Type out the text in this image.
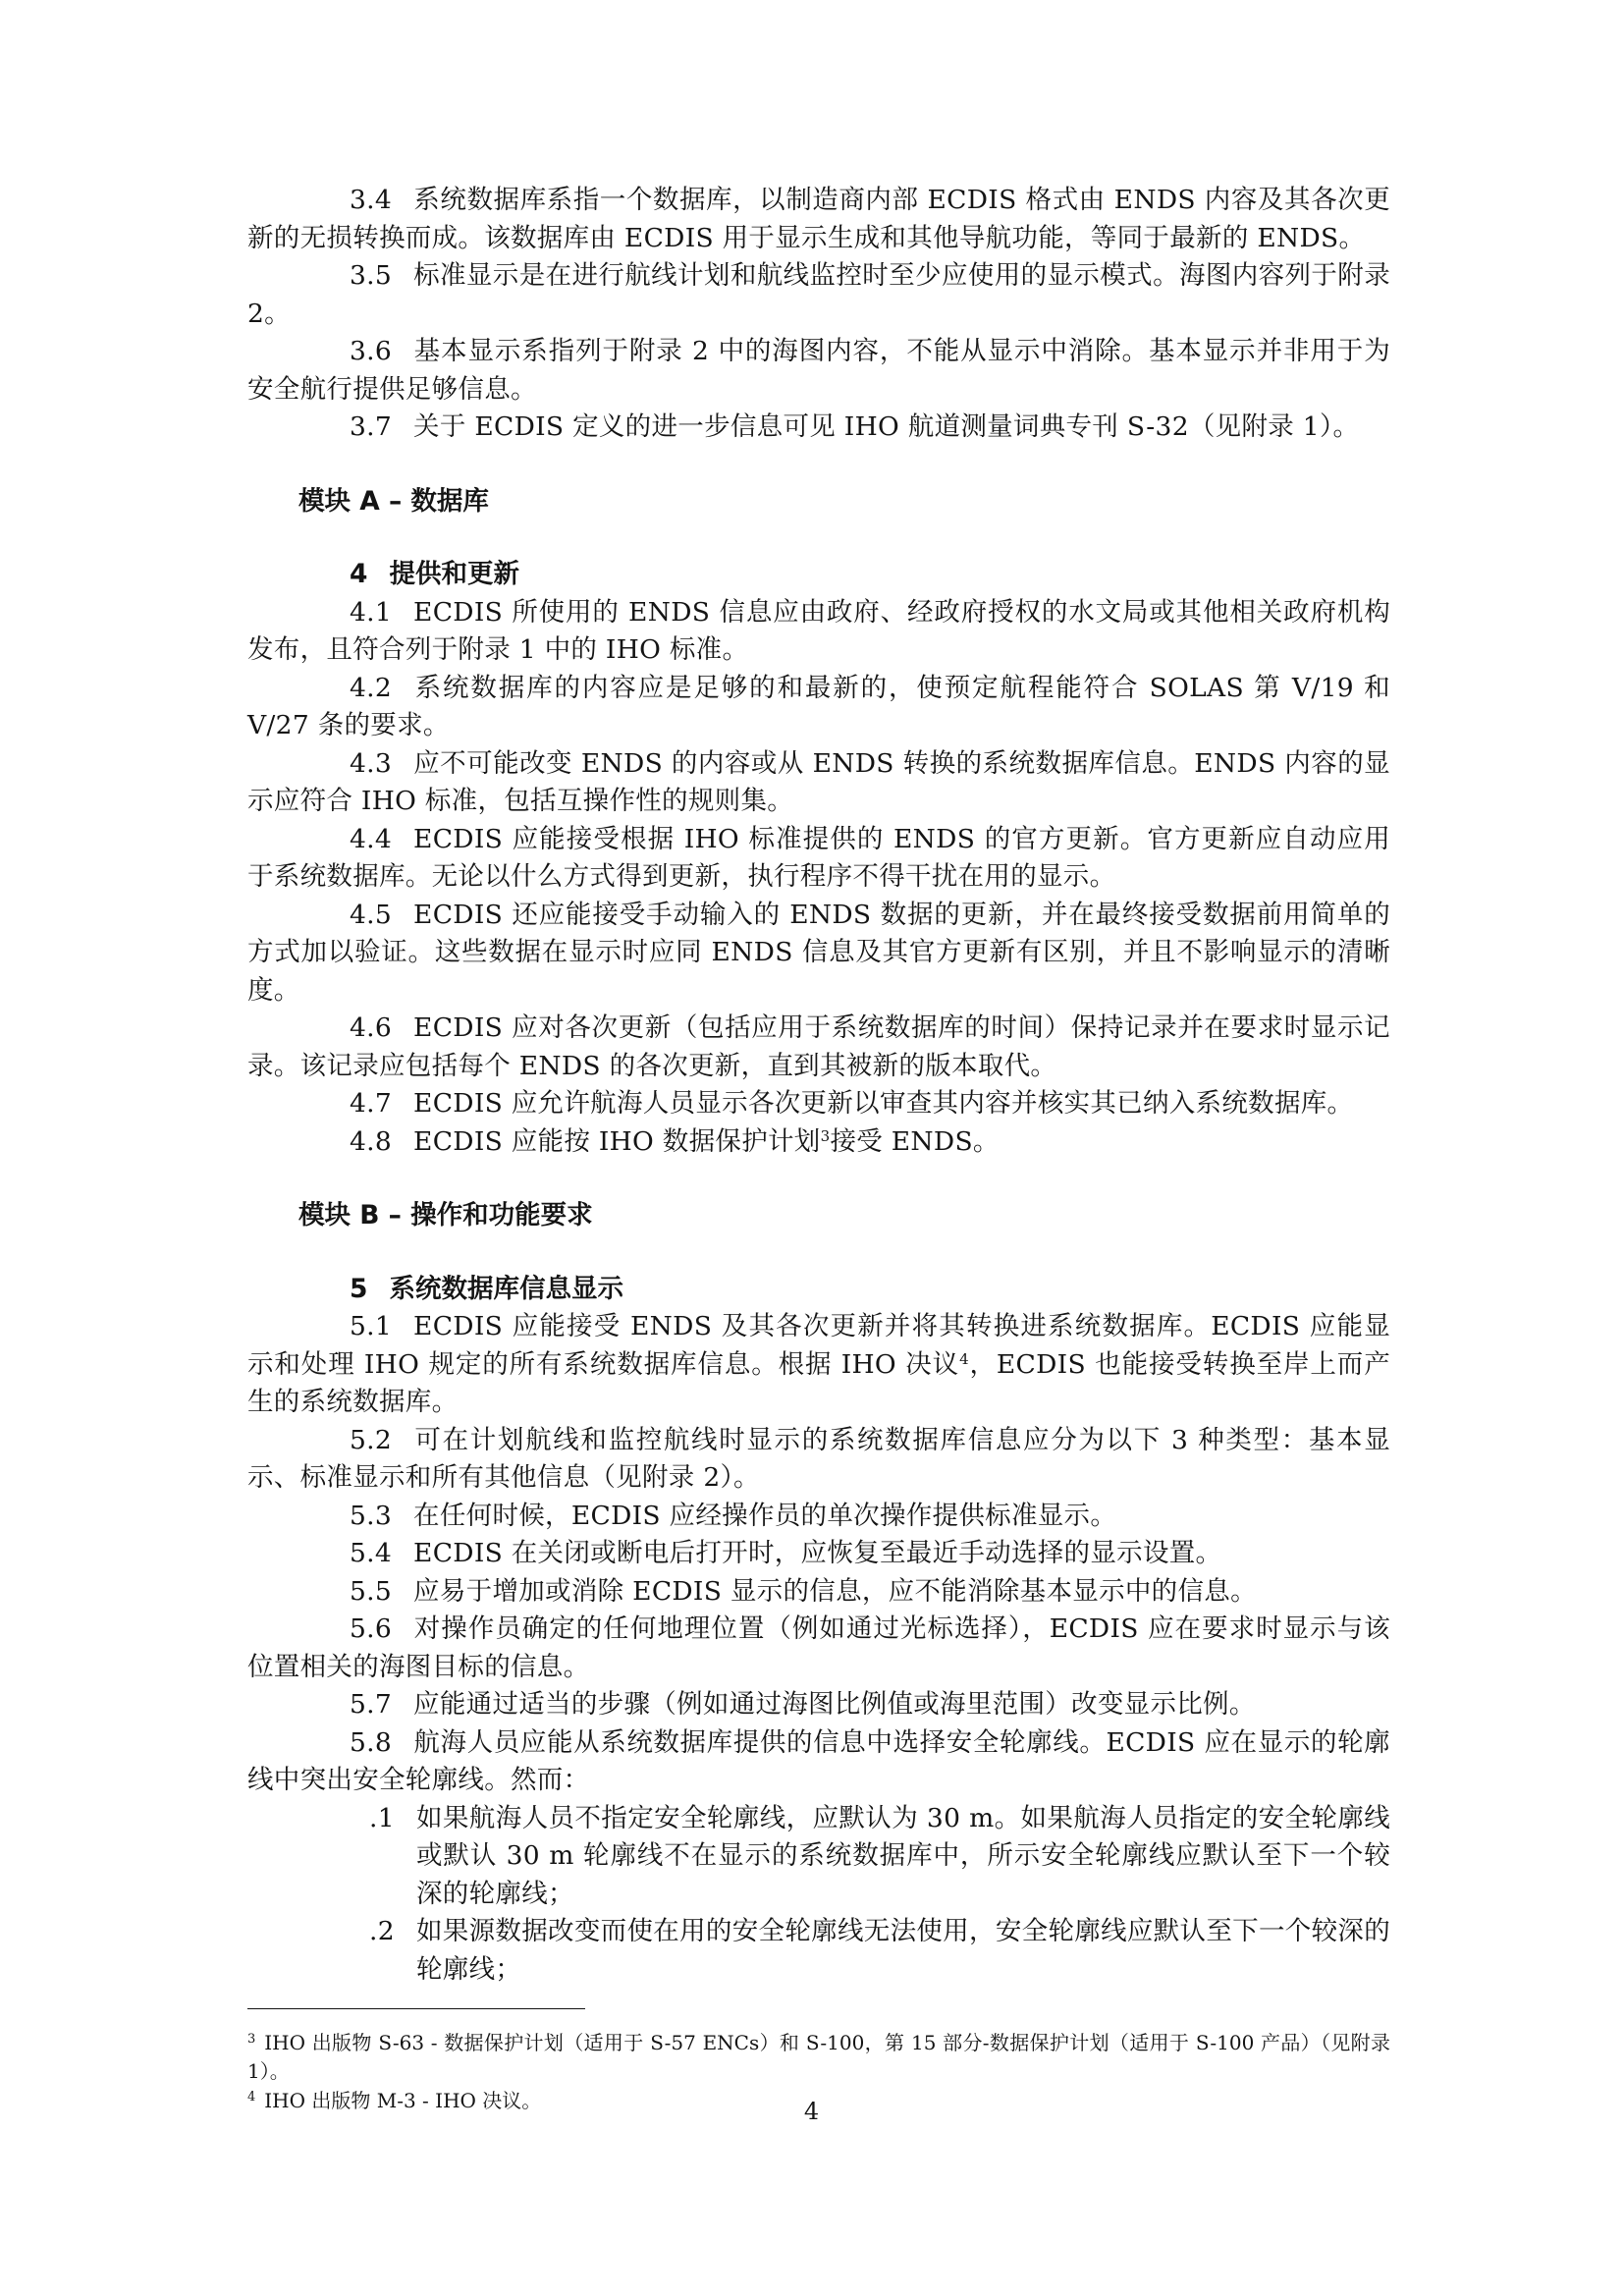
3.4 系统数据库系指一个数据库，以制造商内部 ECDIS 格式由 ENDS 内容及其各次更新的无损转换而成。该数据库由 ECDIS 用于显示生成和其他导航功能，等同于最新的 ENDS。

3.5 标准显示是在进行航线计划和航线监控时至少应使用的显示模式。海图内容列于附录 2。

3.6 基本显示系指列于附录 2 中的海图内容，不能从显示中消除。基本显示并非用于为安全航行提供足够信息。

3.7 关于 ECDIS 定义的进一步信息可见 IHO 航道测量词典专刊 S-32（见附录 1）。

模块 A – 数据库

4 提供和更新

4.1 ECDIS 所使用的 ENDS 信息应由政府、经政府授权的水文局或其他相关政府机构发布，且符合列于附录 1 中的 IHO 标准。

4.2 系统数据库的内容应是足够的和最新的，使预定航程能符合 SOLAS 第 V/19 和 V/27 条的要求。

4.3 应不可能改变 ENDS 的内容或从 ENDS 转换的系统数据库信息。ENDS 内容的显示应符合 IHO 标准，包括互操作性的规则集。

4.4 ECDIS 应能接受根据 IHO 标准提供的 ENDS 的官方更新。官方更新应自动应用于系统数据库。无论以什么方式得到更新，执行程序不得干扰在用的显示。

4.5 ECDIS 还应能接受手动输入的 ENDS 数据的更新，并在最终接受数据前用简单的方式加以验证。这些数据在显示时应同 ENDS 信息及其官方更新有区别，并且不影响显示的清晰度。

4.6 ECDIS 应对各次更新（包括应用于系统数据库的时间）保持记录并在要求时显示记录。该记录应包括每个 ENDS 的各次更新，直到其被新的版本取代。

4.7 ECDIS 应允许航海人员显示各次更新以审查其内容并核实其已纳入系统数据库。

4.8 ECDIS 应能按 IHO 数据保护计划$^3$接受 ENDS。

模块 B – 操作和功能要求

5 系统数据库信息显示

5.1 ECDIS 应能接受 ENDS 及其各次更新并将其转换进系统数据库。ECDIS 应能显示和处理 IHO 规定的所有系统数据库信息。根据 IHO 决议$^4$，ECDIS 也能接受转换至岸上而产生的系统数据库。

5.2 可在计划航线和监控航线时显示的系统数据库信息应分为以下 3 种类型：基本显示、标准显示和所有其他信息（见附录 2）。

5.3 在任何时候，ECDIS 应经操作员的单次操作提供标准显示。

5.4 ECDIS 在关闭或断电后打开时，应恢复至最近手动选择的显示设置。

5.5 应易于增加或消除 ECDIS 显示的信息，应不能消除基本显示中的信息。

5.6 对操作员确定的任何地理位置（例如通过光标选择），ECDIS 应在要求时显示与该位置相关的海图目标的信息。

5.7 应能通过适当的步骤（例如通过海图比例值或海里范围）改变显示比例。

5.8 航海人员应能从系统数据库提供的信息中选择安全轮廓线。ECDIS 应在显示的轮廓线中突出安全轮廓线。然而：

.1 如果航海人员不指定安全轮廓线，应默认为 30 m。如果航海人员指定的安全轮廓线或默认 30 m 轮廓线不在显示的系统数据库中，所示安全轮廓线应默认至下一个较深的轮廓线；

.2 如果源数据改变而使在用的安全轮廓线无法使用，安全轮廓线应默认至下一个较深的轮廓线；

$^3$ IHO 出版物 S-63 - 数据保护计划（适用于 S-57 ENCs）和 S-100，第 15 部分-数据保护计划（适用于 S-100 产品）（见附录 1）。

$^4$ IHO 出版物 M-3 - IHO 决议。	4
